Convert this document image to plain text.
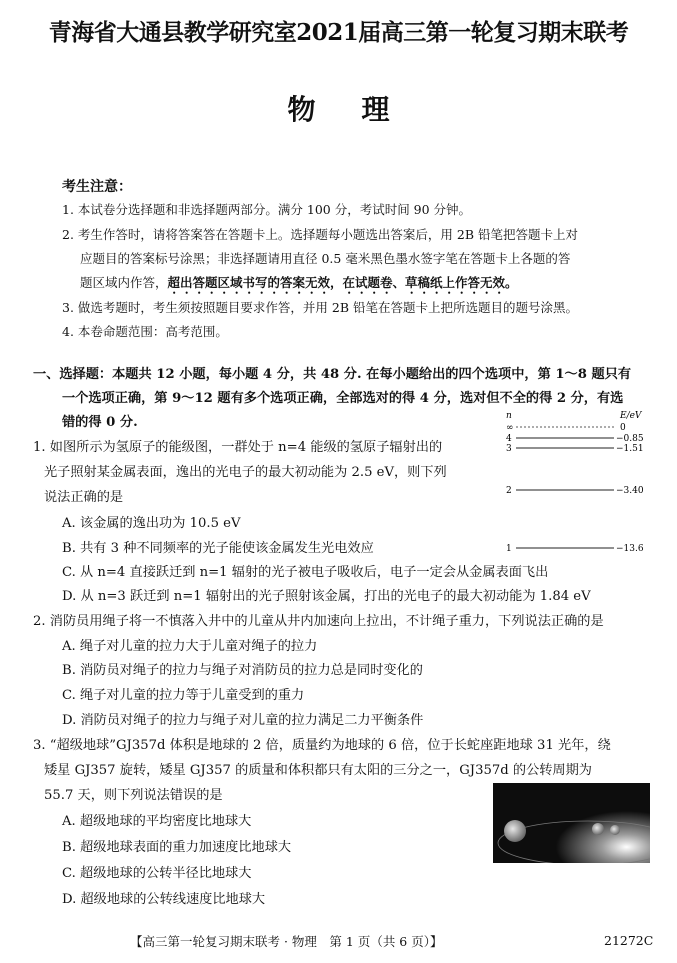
青海省大通县教学研究室2021届高三第一轮复习期末联考
物理
考生注意：
1. 本试卷分选择题和非选择题两部分。满分 100 分，考试时间 90 分钟。
2. 考生作答时，请将答案答在答题卡上。选择题每小题选出答案后，用 2B 铅笔把答题卡上对
应题目的答案标号涂黑；非选择题请用直径 0.5 毫米黑色墨水签字笔在答题卡上各题的答
题区域内作答，超出答题区域书写的答案无效，在试题卷、草稿纸上作答无效。
3. 做选考题时，考生须按照题目要求作答，并用 2B 铅笔在答题卡上把所选题目的题号涂黑。
4. 本卷命题范围：高考范围。
一、选择题：本题共 12 小题，每小题 4 分，共 48 分. 在每小题给出的四个选项中，第 1～8 题只有
一个选项正确，第 9～12 题有多个选项正确，全部选对的得 4 分，选对但不全的得 2 分，有选
错的得 0 分.
1. 如图所示为氢原子的能级图，一群处于 n=4 能级的氢原子辐射出的
光子照射某金属表面，逸出的光电子的最大初动能为 2.5 eV，则下列
说法正确的是
A. 该金属的逸出功为 10.5 eV
B. 共有 3 种不同频率的光子能使该金属发生光电效应
C. 从 n=4 直接跃迁到 n=1 辐射的光子被电子吸收后，电子一定会从金属表面飞出
D. 从 n=3 跃迁到 n=1 辐射出的光子照射该金属，打出的光电子的最大初动能为 1.84 eV
n	E/eV
∞	0
4	−0.85
3	−1.51
2	−3.40
1	−13.6
2. 消防员用绳子将一不慎落入井中的儿童从井内加速向上拉出，不计绳子重力，下列说法正确的是
A. 绳子对儿童的拉力大于儿童对绳子的拉力
B. 消防员对绳子的拉力与绳子对消防员的拉力总是同时变化的
C. 绳子对儿童的拉力等于儿童受到的重力
D. 消防员对绳子的拉力与绳子对儿童的拉力满足二力平衡条件
3. “超级地球”GJ357d 体积是地球的 2 倍，质量约为地球的 6 倍，位于长蛇座距地球 31 光年，绕
矮星 GJ357 旋转，矮星 GJ357 的质量和体积都只有太阳的三分之一，GJ357d 的公转周期为
55.7 天，则下列说法错误的是
A. 超级地球的平均密度比地球大
B. 超级地球表面的重力加速度比地球大
C. 超级地球的公转半径比地球大
D. 超级地球的公转线速度比地球大
【高三第一轮复习期末联考 · 物理　第 1 页（共 6 页）】	21272C
